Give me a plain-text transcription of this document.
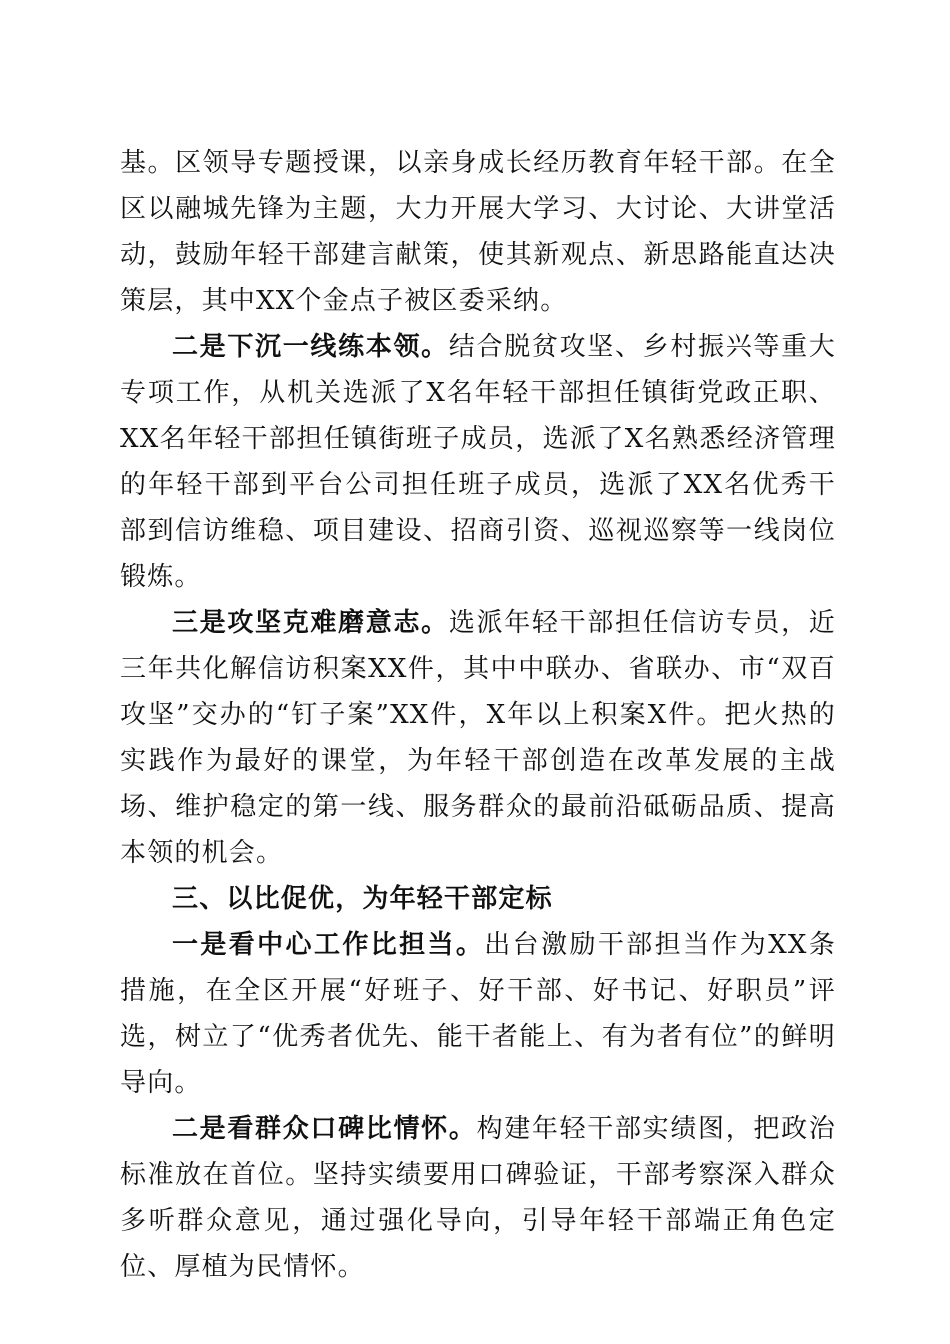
基。区领导专题授课，以亲身成长经历教育年轻干部。在全区以融城先锋为主题，大力开展大学习、大讨论、大讲堂活动，鼓励年轻干部建言献策，使其新观点、新思路能直达决策层，其中XX个金点子被区委采纳。

二是下沉一线练本领。结合脱贫攻坚、乡村振兴等重大专项工作，从机关选派了X名年轻干部担任镇街党政正职、XX名年轻干部担任镇街班子成员，选派了X名熟悉经济管理的年轻干部到平台公司担任班子成员，选派了XX名优秀干部到信访维稳、项目建设、招商引资、巡视巡察等一线岗位锻炼。

三是攻坚克难磨意志。选派年轻干部担任信访专员，近三年共化解信访积案XX件，其中中联办、省联办、市“双百攻坚”交办的“钉子案”XX件，X年以上积案X件。把火热的实践作为最好的课堂，为年轻干部创造在改革发展的主战场、维护稳定的第一线、服务群众的最前沿砥砺品质、提高本领的机会。

三、以比促优，为年轻干部定标

一是看中心工作比担当。出台激励干部担当作为XX条措施，在全区开展“好班子、好干部、好书记、好职员”评选，树立了“优秀者优先、能干者能上、有为者有位”的鲜明导向。

二是看群众口碑比情怀。构建年轻干部实绩图，把政治标准放在首位。坚持实绩要用口碑验证，干部考察深入群众多听群众意见，通过强化导向，引导年轻干部端正角色定位、厚植为民情怀。
